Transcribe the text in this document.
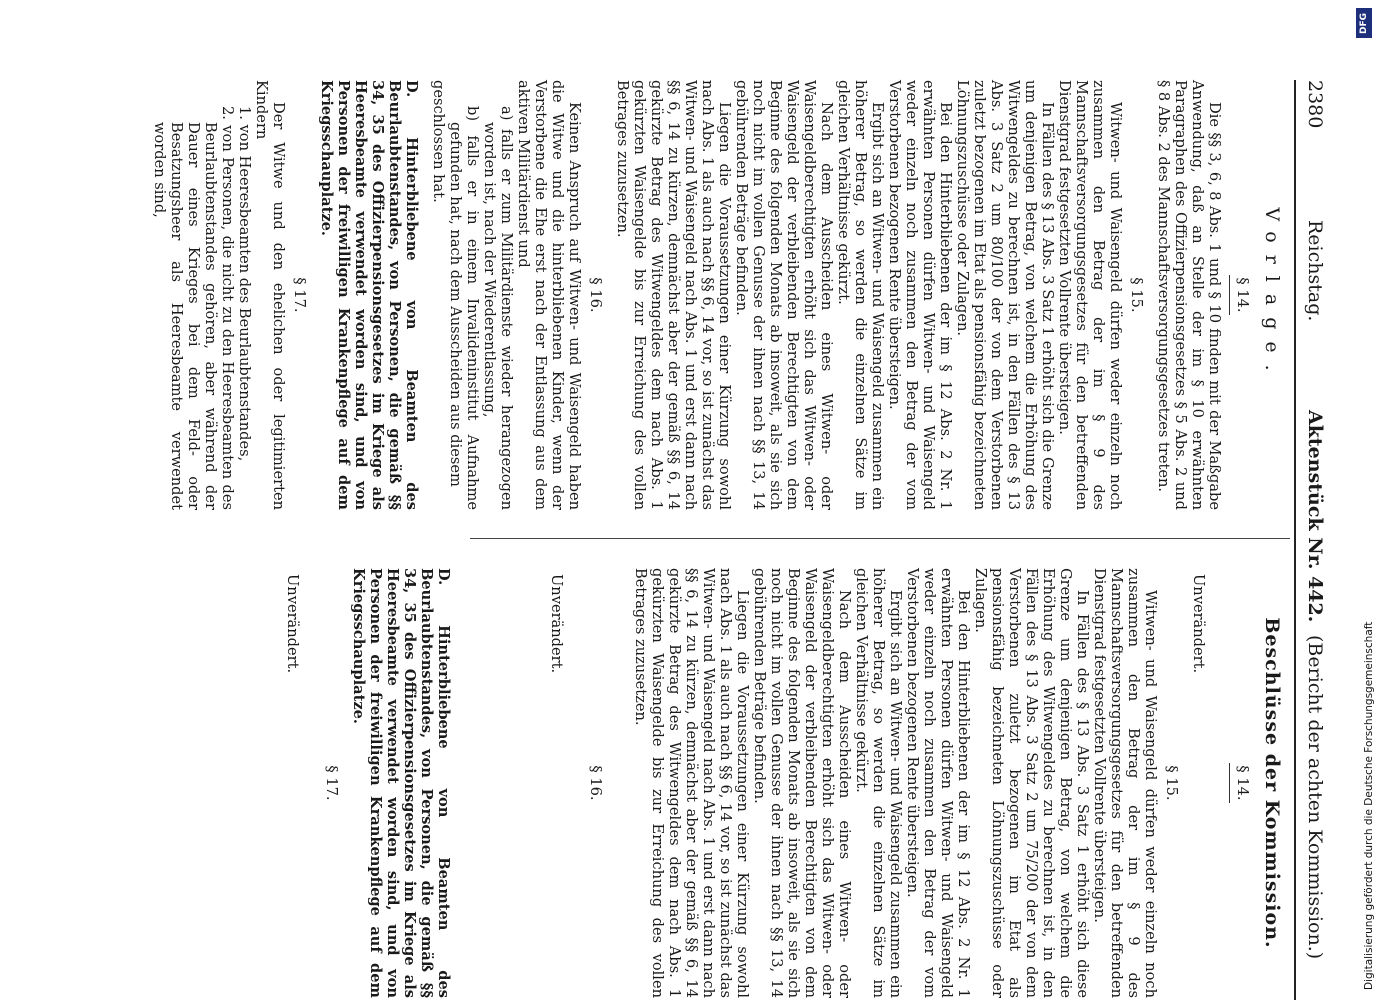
2380
Reichstag.
Aktenstück Nr. 442.
(Bericht der achten Kommission.)
Vorlage.
§ 14.

Die §§ 3, 6, 8 Abs. 1 und § 10 finden mit der Maßgabe Anwendung, daß an Stelle der im § 10 erwähnten Paragraphen des Offizierpensionsgesetzes § 5 Abs. 2 und § 8 Abs. 2 des Mannschaftsversorgungsgesetzes treten.

§ 15.

Witwen- und Waisengeld dürfen weder einzeln noch zusammen den Betrag der im § 9 des Mannschaftsversorgungsgesetzes für den betreffenden Dienstgrad festgesetzten Vollrente übersteigen.

In Fällen des § 13 Abs. 3 Satz 1 erhöht sich die Grenze um denjenigen Betrag, von welchem die Erhöhung des Witwengeldes zu berechnen ist, in den Fällen des § 13 Abs. 3 Satz 2 um 80/100 der von dem Verstorbenen zuletzt bezogenen im Etat als pensionsfähig bezeichneten Löhnungszuschüsse oder Zulagen.

Bei den Hinterbliebenen der im § 12 Abs. 2 Nr. 1 erwähnten Personen dürfen Witwen- und Waisengeld weder einzeln noch zusammen den Betrag der vom Verstorbenen bezogenen Rente übersteigen.

Ergibt sich an Witwen- und Waisengeld zusammen ein höherer Betrag, so werden die einzelnen Sätze im gleichen Verhältnisse gekürzt.

Nach dem Ausscheiden eines Witwen- oder Waisengeldberechtigten erhöht sich das Witwen- oder Waisengeld der verbleibenden Berechtigten von dem Beginne des folgenden Monats ab insoweit, als sie sich noch nicht im vollen Genusse der ihnen nach §§ 13, 14 gebührenden Beträge befinden.

Liegen die Voraussetzungen einer Kürzung sowohl nach Abs. 1 als auch nach §§ 6, 14 vor, so ist zunächst das Witwen- und Waisengeld nach Abs. 1 und erst dann nach §§ 6, 14 zu kürzen, demnächst aber der gemäß §§ 6, 14 gekürzte Betrag des Witwengeldes dem nach Abs. 1 gekürzten Waisengelde bis zur Erreichung des vollen Betrages zuzusetzen.

§ 16.

Keinen Anspruch auf Witwen- und Waisengeld haben die Witwe und die hinterbliebenen Kinder, wenn der Verstorbene die Ehe erst nach der Entlassung aus dem aktiven Militärdienst und

a) falls er zum Militärdienste wieder herangezogen worden ist, nach der Wiederentlassung,

b) falls er in einem Invalideninstitut Aufnahme gefunden hat, nach dem Ausscheiden aus diesem

geschlossen hat.

D. Hinterbliebene von Beamten des Beurlaubtenstandes, von Personen, die gemäß §§ 34, 35 des Offizierpensionsgesetzes im Kriege als Heeresbeamte verwendet worden sind, und von Personen der freiwilligen Krankenpflege auf dem Kriegsschauplatze.

§ 17.

Der Witwe und den ehelichen oder legitimierten Kindern

1. von Heeresbeamten des Beurlaubtenstandes,

2. von Personen, die nicht zu den Heeresbeamten des Beurlaubtenstandes gehören, aber während der Dauer eines Krieges bei dem Feld- oder Besatzungsheer als Heeresbeamte verwendet worden sind,

Beschlüsse der Kommission.
§ 14.

Unverändert.

§ 15.

Witwen- und Waisengeld dürfen weder einzeln noch zusammen den Betrag der im § 9 des Mannschaftsversorgungsgesetzes für den betreffenden Dienstgrad festgesetzten Vollrente übersteigen.

In Fällen des § 13 Abs. 3 Satz 1 erhöht sich diese Grenze um denjenigen Betrag, von welchem die Erhöhung des Witwengeldes zu berechnen ist, in den Fällen des § 13 Abs. 3 Satz 2 um 75/200 der von dem Verstorbenen zuletzt bezogenen im Etat als pensionsfähig bezeichneten Löhnungszuschüsse oder Zulagen.

Bei den Hinterbliebenen der im § 12 Abs. 2 Nr. 1 erwähnten Personen dürfen Witwen- und Waisengeld weder einzeln noch zusammen den Betrag der vom Verstorbenen bezogenen Rente übersteigen.

Ergibt sich an Witwen- und Waisengeld zusammen ein höherer Betrag, so werden die einzelnen Sätze im gleichen Verhältnisse gekürzt.

Nach dem Ausscheiden eines Witwen- oder Waisengeldberechtigten erhöht sich das Witwen- oder Waisengeld der verbleibenden Berechtigten von dem Beginne des folgenden Monats ab insoweit, als sie sich noch nicht im vollen Genusse der ihnen nach §§ 13, 14 gebührenden Beträge befinden.

Liegen die Voraussetzungen einer Kürzung sowohl nach Abs. 1 als auch nach §§ 6, 14 vor, so ist zunächst das Witwen- und Waisengeld nach Abs. 1 und erst dann nach §§ 6, 14 zu kürzen, demnächst aber der gemäß §§ 6, 14 gekürzte Betrag des Witwengeldes dem nach Abs. 1 gekürzten Waisengelde bis zur Erreichung des vollen Betrages zuzusetzen.

§ 16.

Unverändert.

D. Hinterbliebene von Beamten des Beurlaubtenstandes, von Personen, die gemäß §§ 34, 35 des Offizierpensionsgesetzes im Kriege als Heeresbeamte verwendet worden sind, und von Personen der freiwilligen Krankenpflege auf dem Kriegsschauplatze.

§ 17.

Unverändert.

DFG
Digitalisierung gefördert durch die Deutsche Forschungsgemeinschaft
